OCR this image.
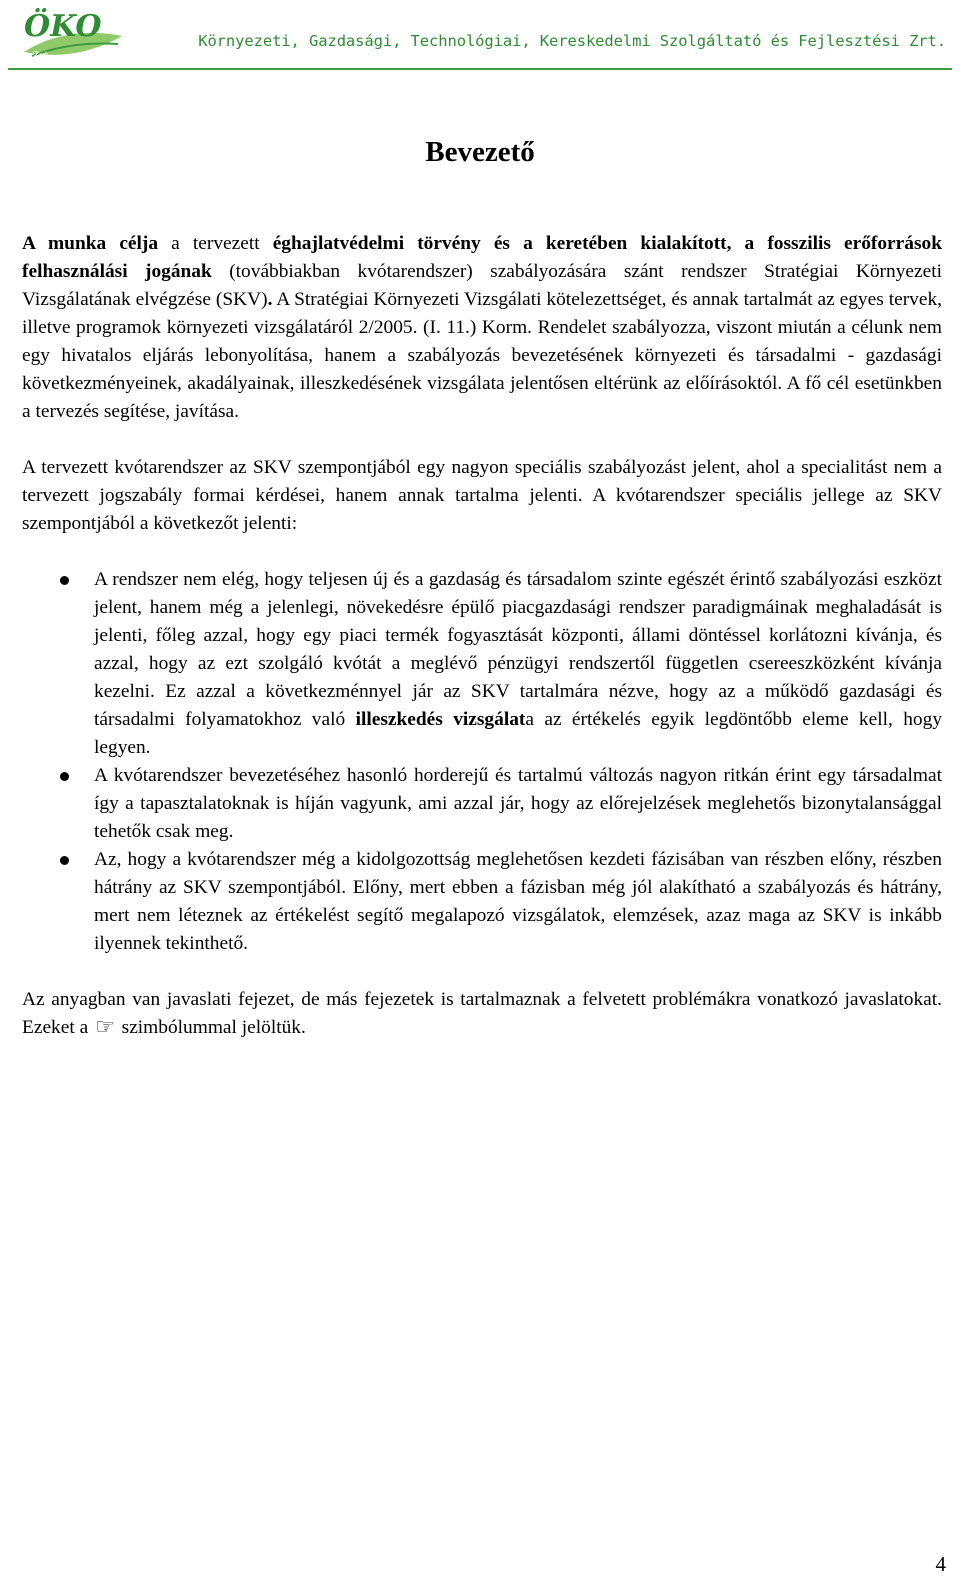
ÖKO
Zrt.
Környezeti, Gazdasági, Technológiai, Kereskedelmi Szolgáltató és Fejlesztési Zrt.
Bevezető

A munka célja a tervezett éghajlatvédelmi törvény és a keretében kialakított, a fosszilis erőforrások felhasználási jogának (továbbiakban kvótarendszer) szabályozására szánt rendszer Stratégiai Környezeti Vizsgálatának elvégzése (SKV). A Stratégiai Környezeti Vizsgálati kötelezettséget, és annak tartalmát az egyes tervek, illetve programok környezeti vizsgálatáról 2/2005. (I. 11.) Korm. Rendelet szabályozza, viszont miután a célunk nem egy hivatalos eljárás lebonyolítása, hanem a szabályozás bevezetésének környezeti és társadalmi - gazdasági következményeinek, akadályainak, illeszkedésének vizsgálata jelentősen eltérünk az előírásoktól. A fő cél esetünkben a tervezés segítése, javítása.

A tervezett kvótarendszer az SKV szempontjából egy nagyon speciális szabályozást jelent, ahol a specialitást nem a tervezett jogszabály formai kérdései, hanem annak tartalma jelenti. A kvótarendszer speciális jellege az SKV szempontjából a következőt jelenti:

A rendszer nem elég, hogy teljesen új és a gazdaság és társadalom szinte egészét érintő szabályozási eszközt jelent, hanem még a jelenlegi, növekedésre épülő piacgazdasági rendszer paradigmáinak meghaladását is jelenti, főleg azzal, hogy egy piaci termék fogyasztását központi, állami döntéssel korlátozni kívánja, és azzal, hogy az ezt szolgáló kvótát a meglévő pénzügyi rendszertől független csereeszközként kívánja kezelni. Ez azzal a következménnyel jár az SKV tartalmára nézve, hogy az a működő gazdasági és társadalmi folyamatokhoz való illeszkedés vizsgálata az értékelés egyik legdöntőbb eleme kell, hogy legyen.
A kvótarendszer bevezetéséhez hasonló horderejű és tartalmú változás nagyon ritkán érint egy társadalmat így a tapasztalatoknak is híján vagyunk, ami azzal jár, hogy az előrejelzések meglehetős bizonytalansággal tehetők csak meg.
Az, hogy a kvótarendszer még a kidolgozottság meglehetősen kezdeti fázisában van részben előny, részben hátrány az SKV szempontjából. Előny, mert ebben a fázisban még jól alakítható a szabályozás és hátrány, mert nem léteznek az értékelést segítő megalapozó vizsgálatok, elemzések, azaz maga az SKV is inkább ilyennek tekinthető.

Az anyagban van javaslati fejezet, de más fejezetek is tartalmaznak a felvetett problémákra vonatkozó javaslatokat. Ezeket a ☞ szimbólummal jelöltük.

4
